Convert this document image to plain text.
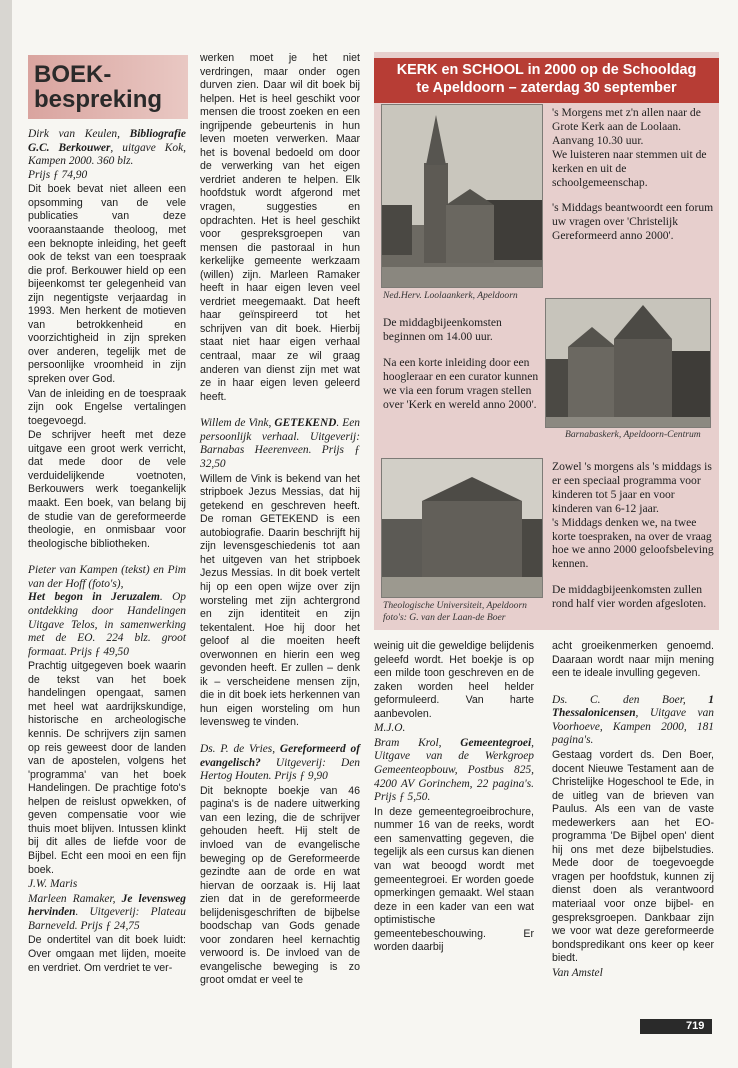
BOEK-
bespreking

Dirk van Keulen, Bibliografie G.C. Berkouwer, uitgave Kok, Kampen 2000. 360 blz.
Prijs ƒ 74,90

Dit boek bevat niet alleen een opsomming van de vele publicaties van deze vooraanstaande theoloog, met een beknopte inleiding, het geeft ook de tekst van een toespraak die prof. Berkouwer hield op een bijeenkomst ter gelegenheid van zijn negentigste verjaardag in 1993. Men herkent de motieven van betrokkenheid en voorzichtigheid in zijn spreken over anderen, tegelijk met de persoonlijke vroomheid in zijn spreken over God.

Van de inleiding en de toespraak zijn ook Engelse vertalingen toegevoegd.

De schrijver heeft met deze uitgave een groot werk verricht, dat mede door de vele verduidelijkende voetnoten, Berkouwers werk toegankelijk maakt. Een boek, van belang bij de studie van de gereformeerde theologie, en onmisbaar voor theologische bibliotheken.

Pieter van Kampen (tekst) en Pim van der Hoff (foto's),
Het begon in Jeruzalem. Op ontdekking door Handelingen Uitgave Telos, in samenwerking met de EO. 224 blz. groot formaat. Prijs ƒ 49,50

Prachtig uitgegeven boek waarin de tekst van het boek handelingen opengaat, samen met heel wat aardrijkskundige, historische en archeologische kennis. De schrijvers zijn samen op reis geweest door de landen van de apostelen, volgens het 'programma' van het boek Handelingen. De prachtige foto's helpen de reislust opwekken, of geven compensatie voor wie thuis moet blijven. Intussen klinkt bij dit alles de liefde voor de Bijbel. Echt een mooi en een fijn boek.

J.W. Maris

Marleen Ramaker, Je levensweg hervinden. Uitgeverij: Plateau Barneveld. Prijs ƒ 24,75

De ondertitel van dit boek luidt: Over omgaan met lijden, moeite en verdriet. Om verdriet te ver-

werken moet je het niet verdringen, maar onder ogen durven zien. Daar wil dit boek bij helpen. Het is heel geschikt voor mensen die troost zoeken en een ingrijpende gebeurtenis in hun leven moeten verwerken. Maar het is bovenal bedoeld om door de verwerking van het eigen verdriet anderen te helpen. Elk hoofdstuk wordt afgerond met vragen, suggesties en opdrachten. Het is heel geschikt voor gespreksgroepen van mensen die pastoraal in hun kerkelijke gemeente werkzaam (willen) zijn. Marleen Ramaker heeft in haar eigen leven veel verdriet meegemaakt. Dat heeft haar geïnspireerd tot het schrijven van dit boek. Hierbij staat niet haar eigen verhaal centraal, maar ze wil graag anderen van dienst zijn met wat ze in haar eigen leven geleerd heeft.

Willem de Vink, GETEKEND. Een persoonlijk verhaal. Uitgeverij: Barnabas Heerenveen. Prijs ƒ 32,50

Willem de Vink is bekend van het stripboek Jezus Messias, dat hij getekend en geschreven heeft. De roman GETEKEND is een autobiografie. Daarin beschrijft hij zijn levensgeschiedenis tot aan het uitgeven van het stripboek Jezus Messias. In dit boek vertelt hij op een open wijze over zijn worsteling met zijn achtergrond en zijn identiteit en zijn tekentalent. Hoe hij door het geloof al die moeiten heeft overwonnen en hierin een weg gevonden heeft. Er zullen – denk ik – verscheidene mensen zijn, die in dit boek iets herkennen van hun eigen worsteling om hun levensweg te vinden.

Ds. P. de Vries, Gereformeerd of evangelisch? Uitgeverij: Den Hertog Houten. Prijs ƒ 9,90

Dit beknopte boekje van 46 pagina's is de nadere uitwerking van een lezing, die de schrijver gehouden heeft. Hij stelt de invloed van de evangelische beweging op de Gereformeerde gezindte aan de orde en wat hiervan de oorzaak is. Hij laat zien dat in de gereformeerde belijdenisgeschriften de bijbelse boodschap van Gods genade voor zondaren heel kernachtig verwoord is. De invloed van de evangelische beweging is zo groot omdat er veel te

KERK en SCHOOL in 2000 op de Schooldag
te Apeldoorn – zaterdag 30 september
Ned.Herv. Loolaankerk, Apeldoorn
Barnabaskerk, Apeldoorn-Centrum
Theologische Universiteit, Apeldoorn
foto's: G. van der Laan-de Boer

's Morgens met z'n allen naar de Grote Kerk aan de Loolaan. Aanvang 10.30 uur.

We luisteren naar stemmen uit de kerken en uit de schoolgemeenschap.

's Middags beantwoordt een forum uw vragen over 'Christelijk Gereformeerd anno 2000'.

De middagbijeenkomsten beginnen om 14.00 uur.

Na een korte inleiding door een hoogleraar en een curator kunnen we via een forum vragen stellen over 'Kerk en wereld anno 2000'.

Zowel 's morgens als 's middags is er een speciaal programma voor kinderen tot 5 jaar en voor kinderen van 6-12 jaar.

's Middags denken we, na twee korte toespraken, na over de vraag hoe we anno 2000 geloofsbeleving kennen.

De middagbijeenkomsten zullen rond half vier worden afgesloten.

weinig uit die geweldige belijdenis geleefd wordt. Het boekje is op een milde toon geschreven en de zaken worden heel helder geformuleerd. Van harte aanbevolen.

M.J.O.

Bram Krol, Gemeentegroei, Uitgave van de Werkgroep Gemeenteopbouw, Postbus 825, 4200 AV Gorinchem, 22 pagina's. Prijs ƒ 5,50.

In deze gemeentegroeibrochure, nummer 16 van de reeks, wordt een samenvatting gegeven, die tegelijk als een cursus kan dienen van wat beoogd wordt met gemeentegroei. Er worden goede opmerkingen gemaakt. Wel staan deze in een kader van een wat optimistische gemeentebeschouwing. Er worden daarbij

acht groeikenmerken genoemd. Daaraan wordt naar mijn mening een te ideale invulling gegeven.

Ds. C. den Boer, 1 Thessalonicensen, Uitgave van Voorhoeve, Kampen 2000, 181 pagina's.

Gestaag vordert ds. Den Boer, docent Nieuwe Testament aan de Christelijke Hogeschool te Ede, in de uitleg van de brieven van Paulus. Als een van de vaste medewerkers aan het EO-programma 'De Bijbel open' dient hij ons met deze bijbelstudies. Mede door de toegevoegde vragen per hoofdstuk, kunnen zij dienst doen als verantwoord materiaal voor onze bijbel- en gespreksgroepen. Dankbaar zijn we voor wat deze gereformeerde bondspredikant ons keer op keer biedt.

Van Amstel

719
